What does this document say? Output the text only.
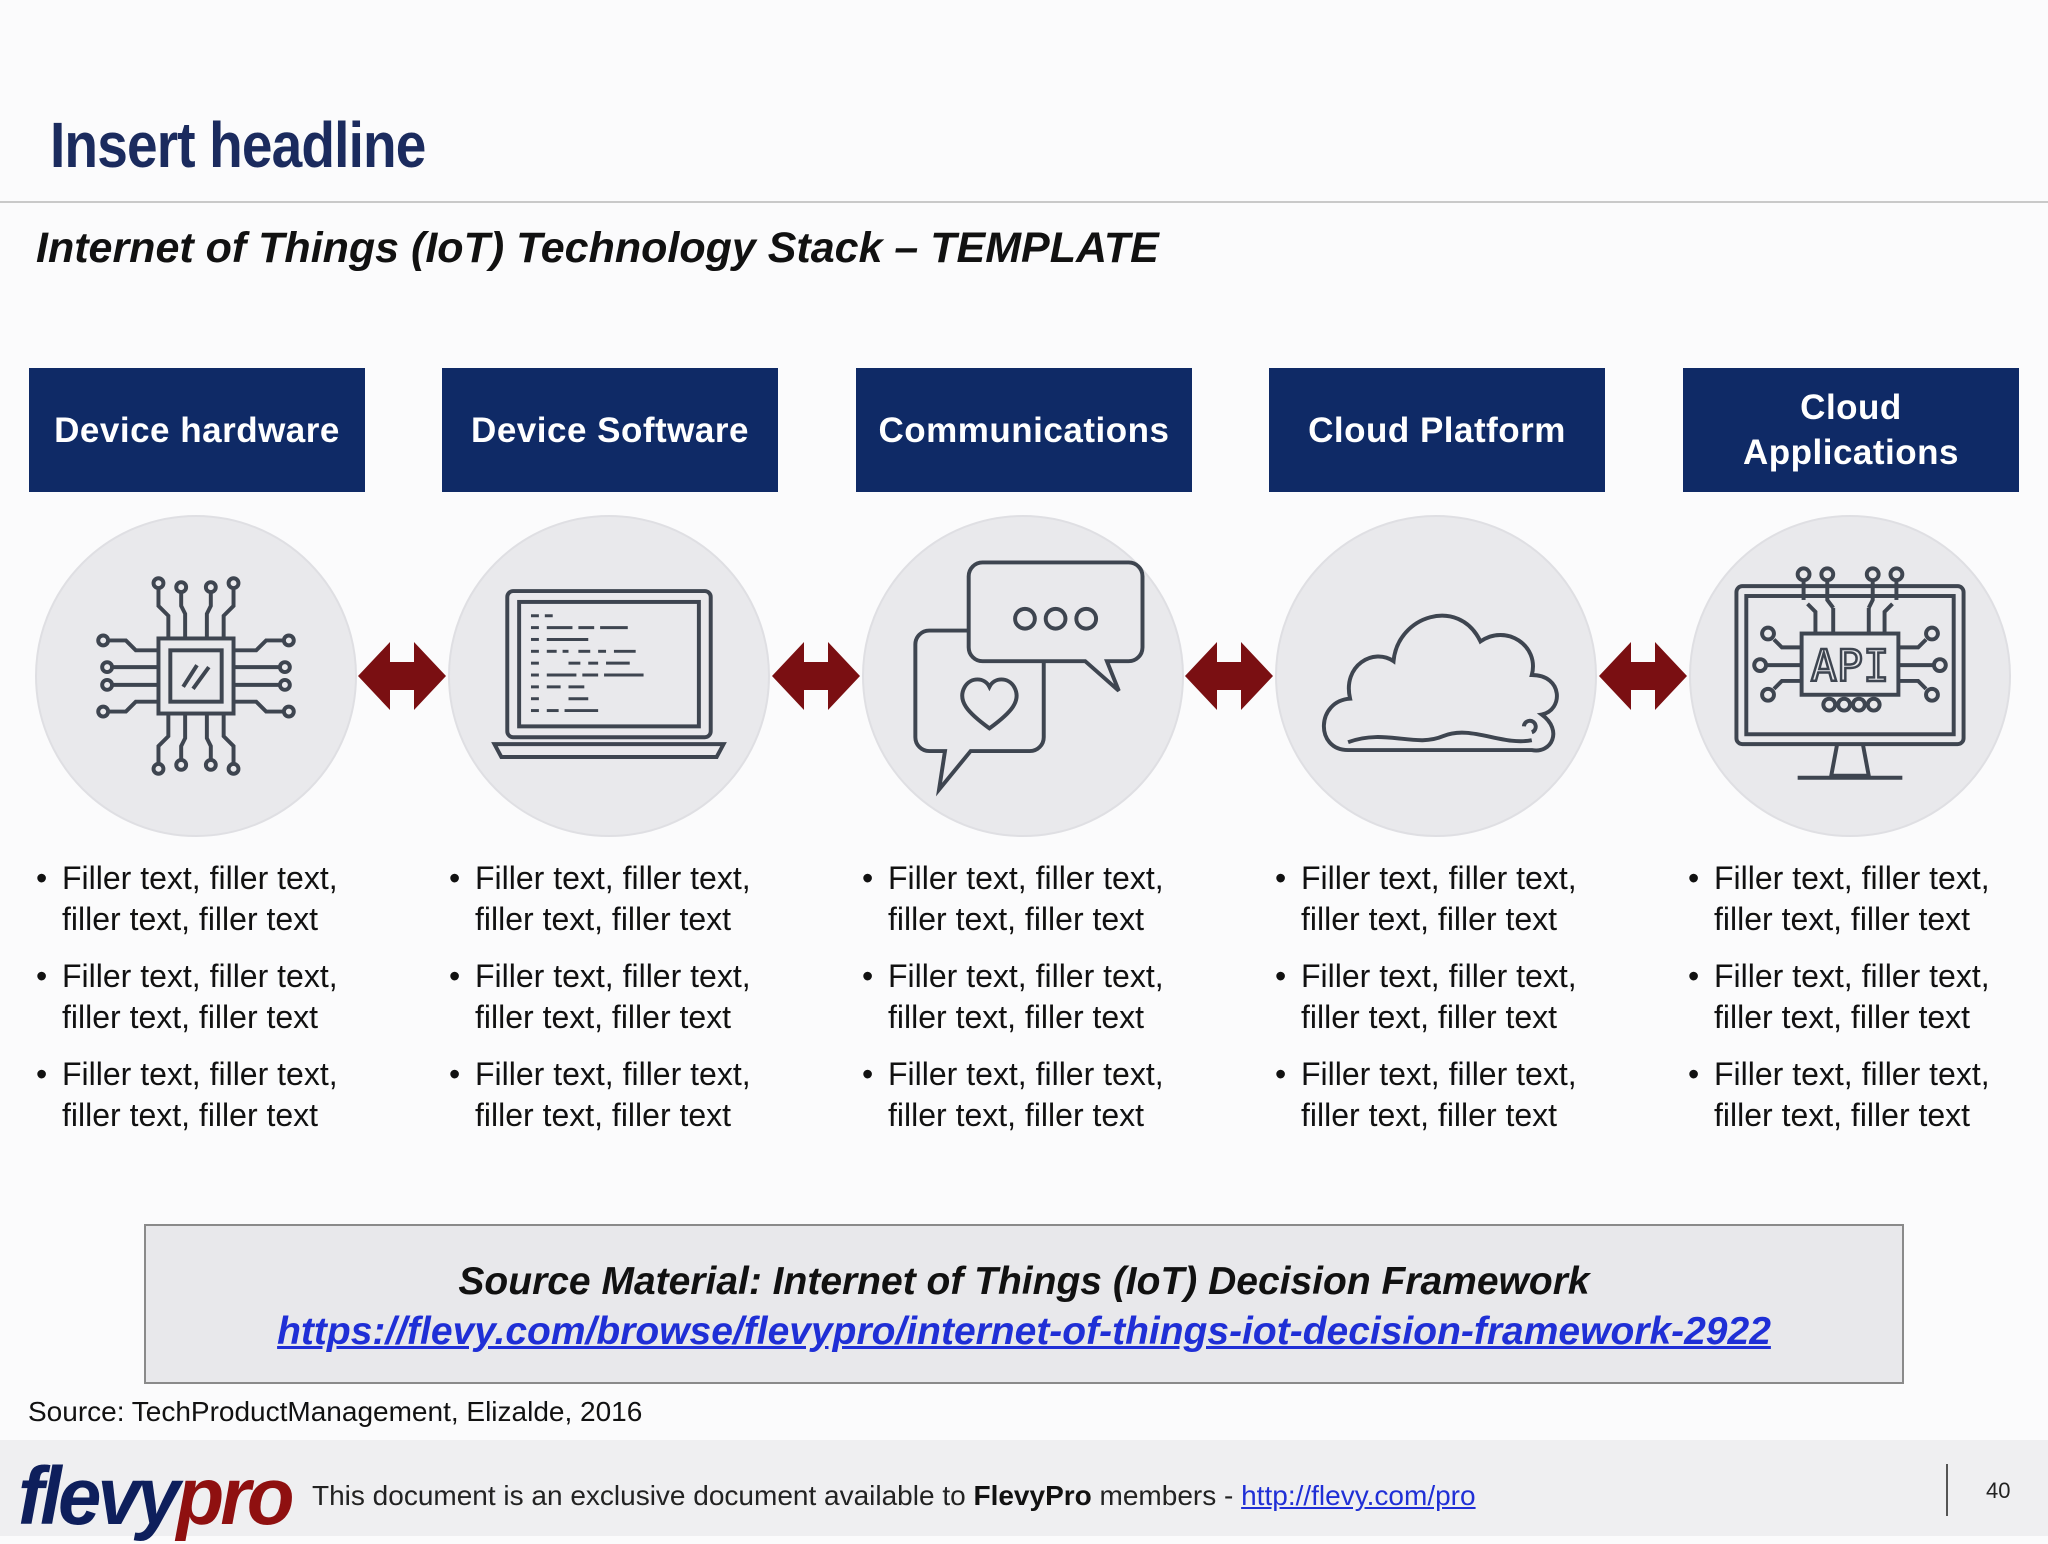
Insert headline
Internet of Things (IoT) Technology Stack – TEMPLATE
Device hardware	Device Software	Communications	Cloud Platform
Cloud Applications
API
• Filler text, filler text, filler text, filler text
• Filler text, filler text, filler text, filler text
• Filler text, filler text, filler text, filler text
• Filler text, filler text, filler text, filler text
• Filler text, filler text, filler text, filler text
• Filler text, filler text, filler text, filler text
• Filler text, filler text, filler text, filler text
• Filler text, filler text, filler text, filler text
• Filler text, filler text, filler text, filler text
• Filler text, filler text, filler text, filler text
• Filler text, filler text, filler text, filler text
• Filler text, filler text, filler text, filler text
• Filler text, filler text, filler text, filler text
• Filler text, filler text, filler text, filler text
• Filler text, filler text, filler text, filler text
Source Material: Internet of Things (IoT) Decision Framework
https://flevy.com/browse/flevypro/internet-of-things-iot-decision-framework-2922
Source: TechProductManagement, Elizalde, 2016
flevypro This document is an exclusive document available to FlevyPro members - http://flevy.com/pro	40
